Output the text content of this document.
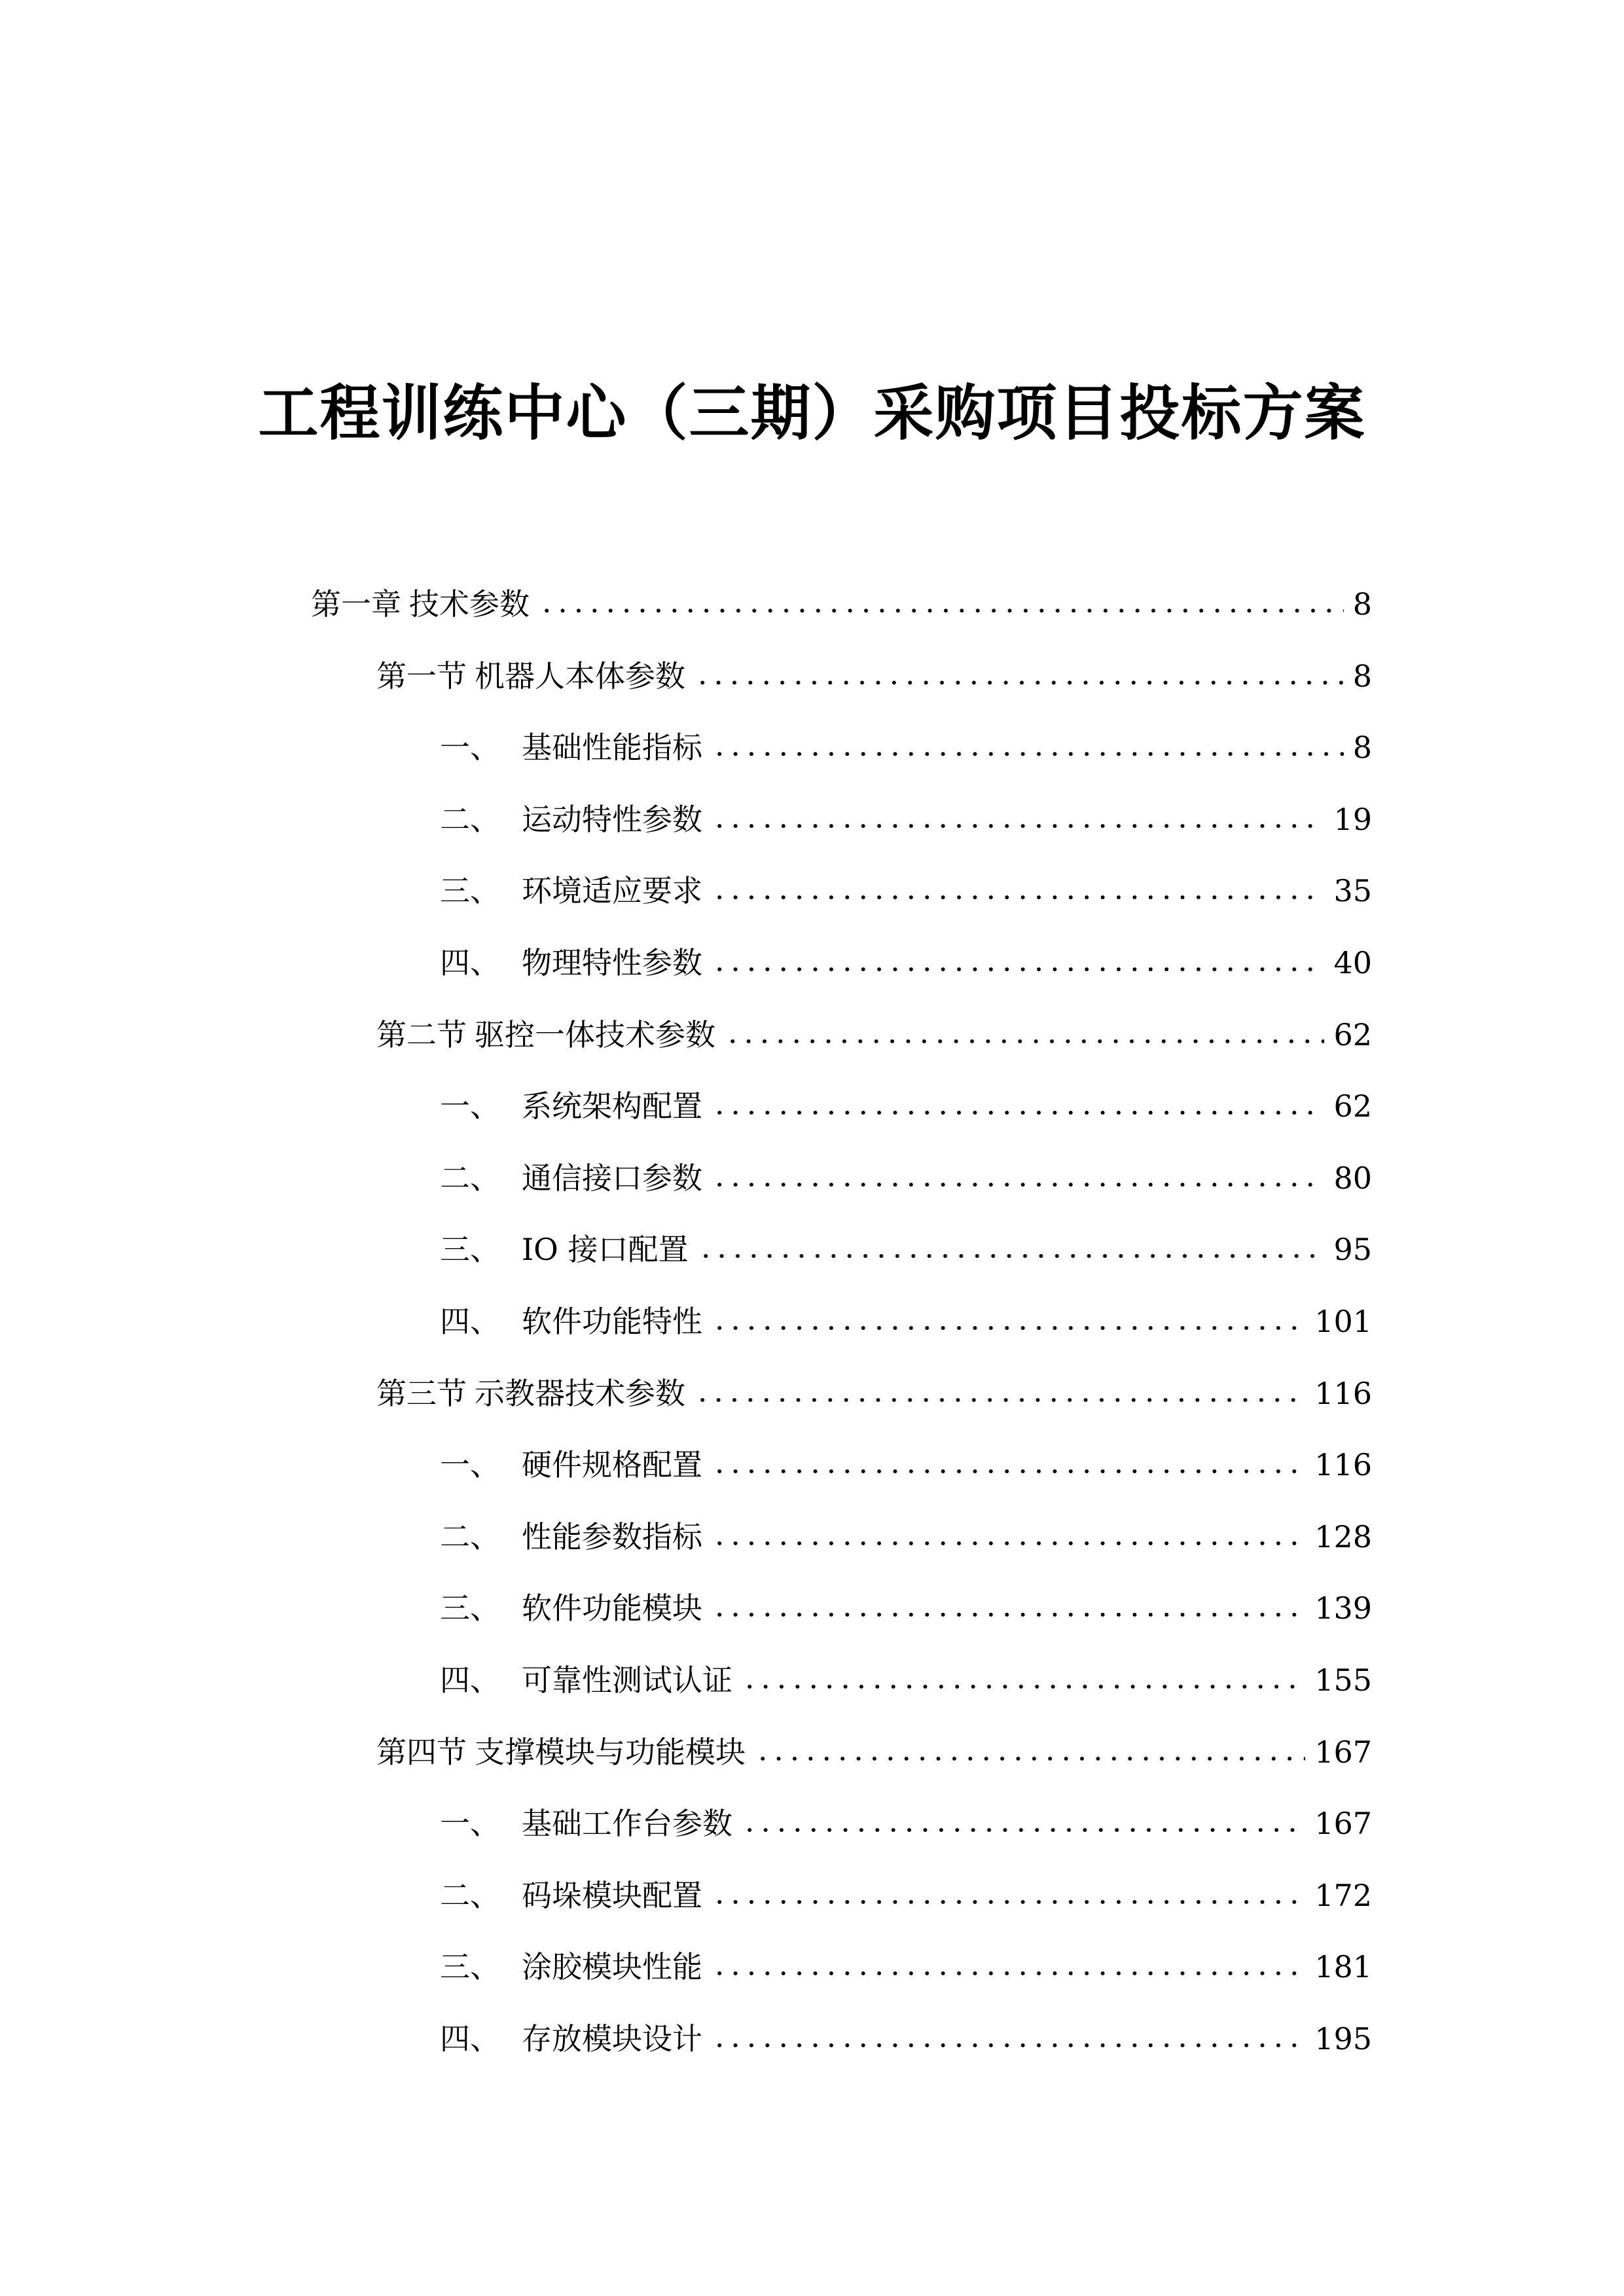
工程训练中心（三期）采购项目投标方案
第一章 技术参数	8
第一节 机器人本体参数	8
一、 基础性能指标	8
二、 运动特性参数	19
三、 环境适应要求	35
四、 物理特性参数	40
第二节 驱控一体技术参数	62
一、 系统架构配置	62
二、 通信接口参数	80
三、 IO 接口配置	95
四、 软件功能特性	101
第三节 示教器技术参数	116
一、 硬件规格配置	116
二、 性能参数指标	128
三、 软件功能模块	139
四、 可靠性测试认证	155
第四节 支撑模块与功能模块	167
一、 基础工作台参数	167
二、 码垛模块配置	172
三、 涂胶模块性能	181
四、 存放模块设计	195
